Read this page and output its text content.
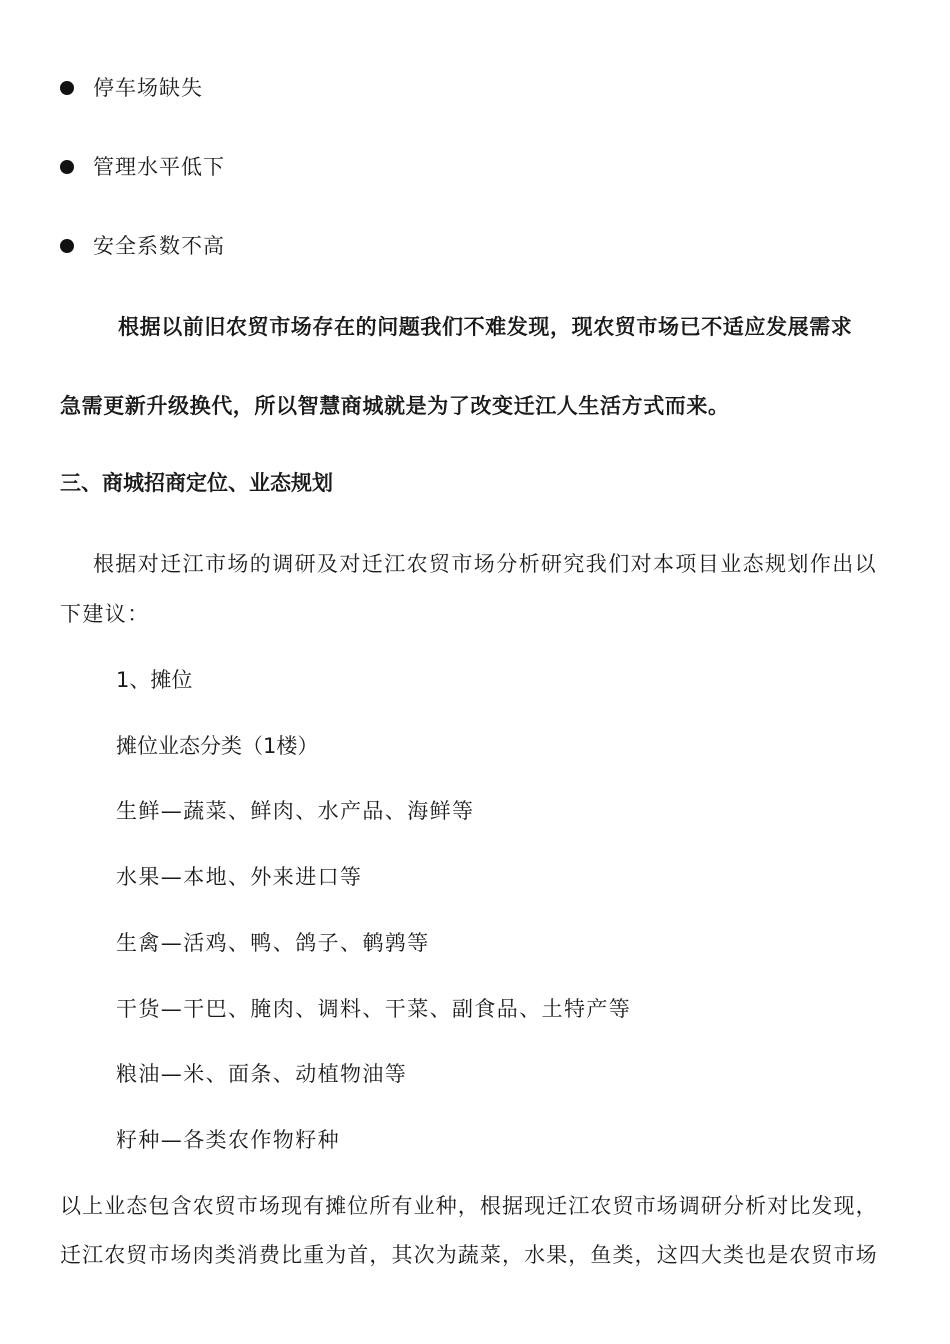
停车场缺失
管理水平低下
安全系数不高
根据以前旧农贸市场存在的问题我们不难发现，现农贸市场已不适应发展需求
急需更新升级换代，所以智慧商城就是为了改变迁江人生活方式而来。
三、商城招商定位、业态规划
根据对迁江市场的调研及对迁江农贸市场分析研究我们对本项目业态规划作出以
下建议：
1、摊位
摊位业态分类（1楼）
生鲜—蔬菜、鲜肉、水产品、海鲜等
水果—本地、外来进口等
生禽—活鸡、鸭、鸽子、鹌鹑等
干货—干巴、腌肉、调料、干菜、副食品、土特产等
粮油—米、面条、动植物油等
籽种—各类农作物籽种
以上业态包含农贸市场现有摊位所有业种，根据现迁江农贸市场调研分析对比发现，
迁江农贸市场肉类消费比重为首，其次为蔬菜，水果，鱼类，这四大类也是农贸市场
